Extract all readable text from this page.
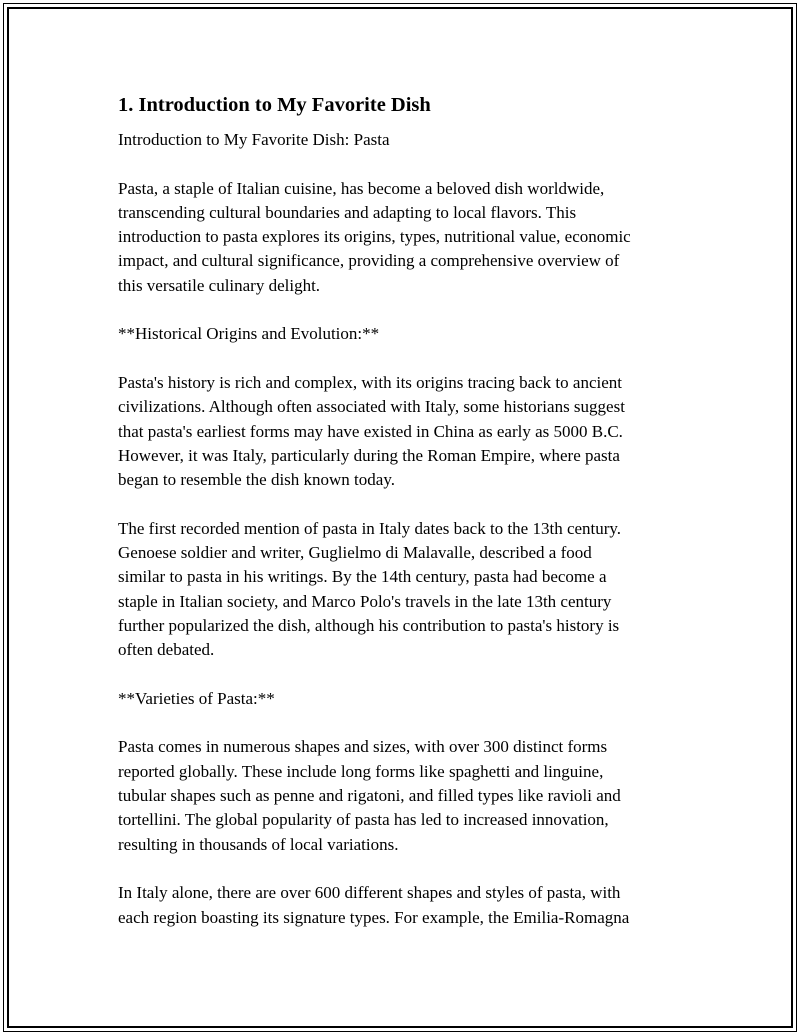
1. Introduction to My Favorite Dish
Introduction to My Favorite Dish: Pasta
Pasta, a staple of Italian cuisine, has become a beloved dish worldwide,
transcending cultural boundaries and adapting to local flavors. This
introduction to pasta explores its origins, types, nutritional value, economic
impact, and cultural significance, providing a comprehensive overview of
this versatile culinary delight.
**Historical Origins and Evolution:**
Pasta's history is rich and complex, with its origins tracing back to ancient
civilizations. Although often associated with Italy, some historians suggest
that pasta's earliest forms may have existed in China as early as 5000 B.C.
However, it was Italy, particularly during the Roman Empire, where pasta
began to resemble the dish known today.
The first recorded mention of pasta in Italy dates back to the 13th century.
Genoese soldier and writer, Guglielmo di Malavalle, described a food
similar to pasta in his writings. By the 14th century, pasta had become a
staple in Italian society, and Marco Polo's travels in the late 13th century
further popularized the dish, although his contribution to pasta's history is
often debated.
**Varieties of Pasta:**
Pasta comes in numerous shapes and sizes, with over 300 distinct forms
reported globally. These include long forms like spaghetti and linguine,
tubular shapes such as penne and rigatoni, and filled types like ravioli and
tortellini. The global popularity of pasta has led to increased innovation,
resulting in thousands of local variations.
In Italy alone, there are over 600 different shapes and styles of pasta, with
each region boasting its signature types. For example, the Emilia-Romagna
